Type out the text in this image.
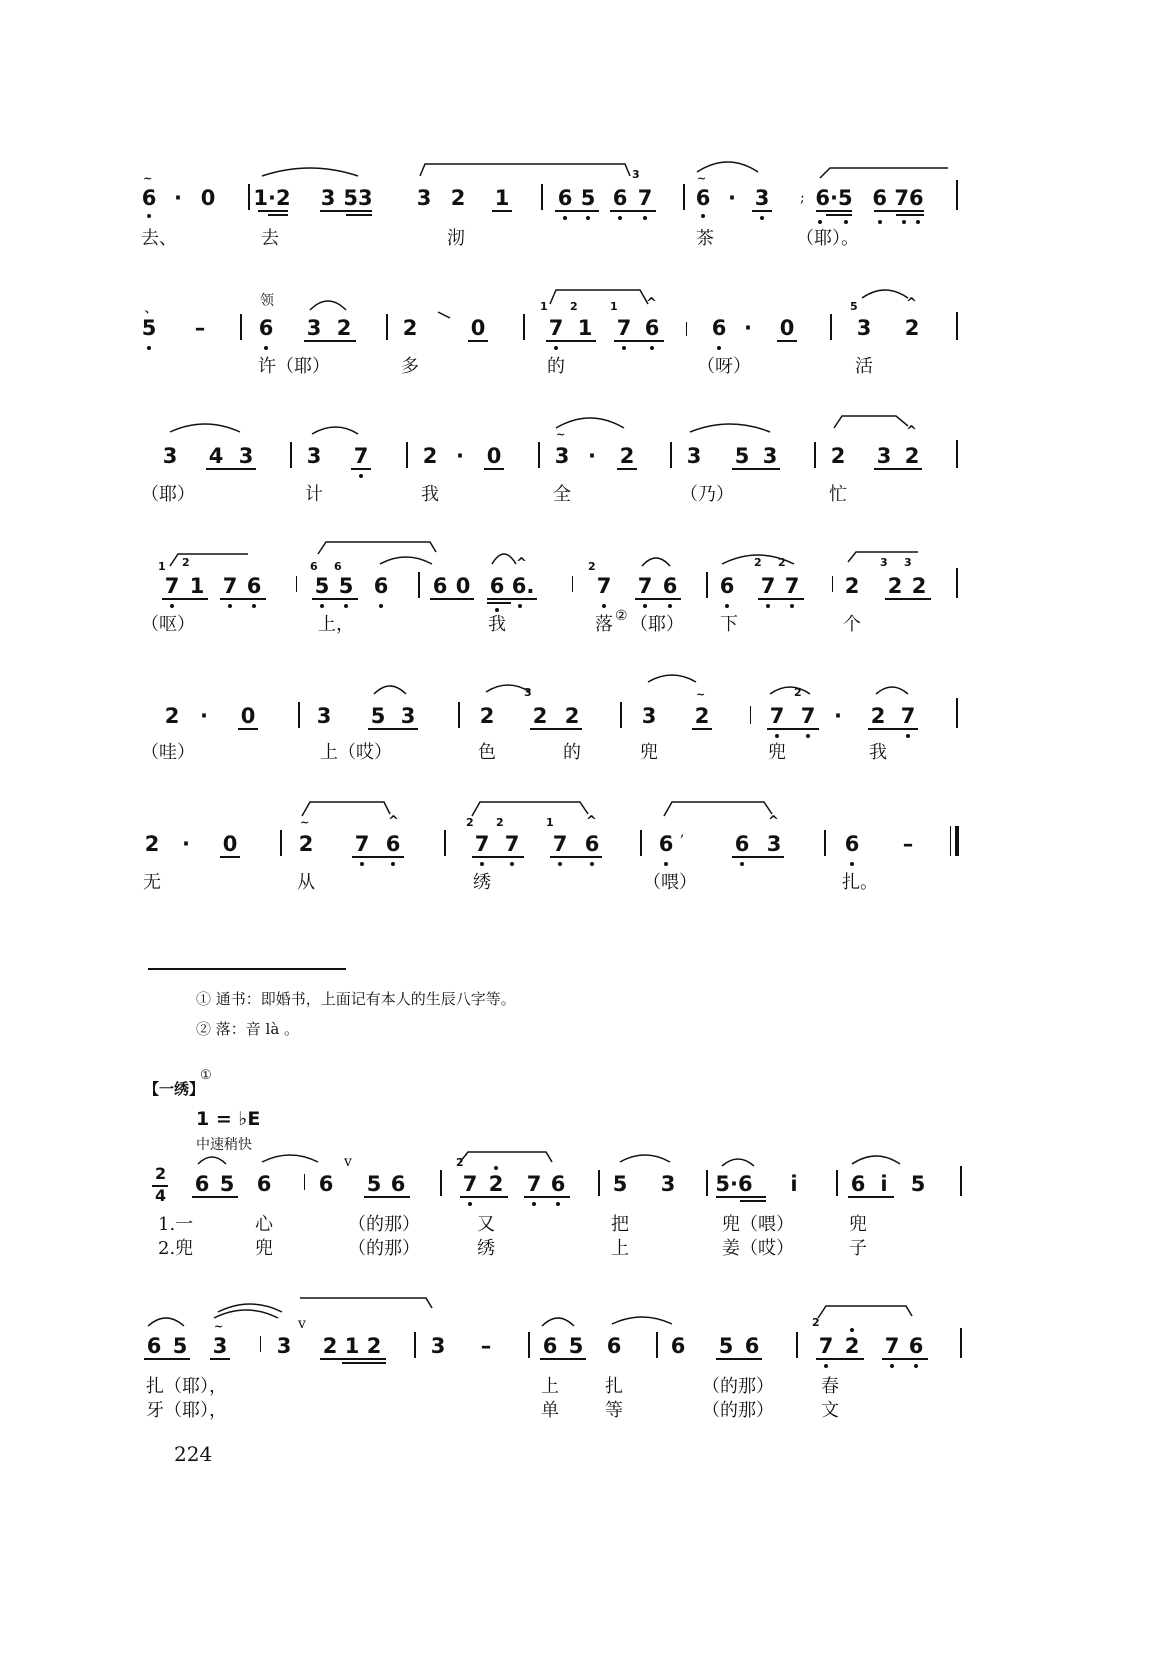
~
6 · 0 1·2 3 53 3 2 1 6 5
3
6 7
~
6 · 3 ; 6·5 6 76
去、	去	沏	茶	（耶）。
、
5 –
领
6 3 2 2	0
1
7
2
1
1
7
^
6 6 · 0
5
3
^
2
许（耶）	多	的	（呀）	活
3 4 3	3 7	2 · 0
~
3 · 2 3 5 3	2 3
^
2
（耶）	计	我	全	（乃）	忙
1 2
7 1 7 6
6 6
5 5 6 6 0 6
^
6.
2
7 7 6 6
2 2
7 7 2
3 3
2 2
（呕）	上，	我	落 ② （耶） 下	个
2 · 0	3 5 3	2
3
2 2	3
~
2	7
2
7 · 2 7
（哇）	上（哎）	色	的	兜	兜	我
2 · 0
~
2 7
^
6
2 2
7 7
1
7
^
6	6 , 6
^
3	6 –
无	从	绣	（喂）	扎。
① 通书：即婚书，上面记有本人的生辰八字等。
② 落：音 là 。
【一绣】
①
1 = ♭E
中速稍快
2
4 6 5 6 6
v
5 6
2
7 2 7 6 5 3 5·6 i	6 i 5
1.一	心	（的那）	又	把	兜（喂）	兜
2.兜	兜	（的那）	绣	上	姜（哎）	子
6 5
~
3 3
v
2 1 2 3 – 6 5 6 6 5 6
2
7 2 7 6
扎（耶），	上	扎	（的那）	春
牙（耶），	单	等	（的那）	文
224
